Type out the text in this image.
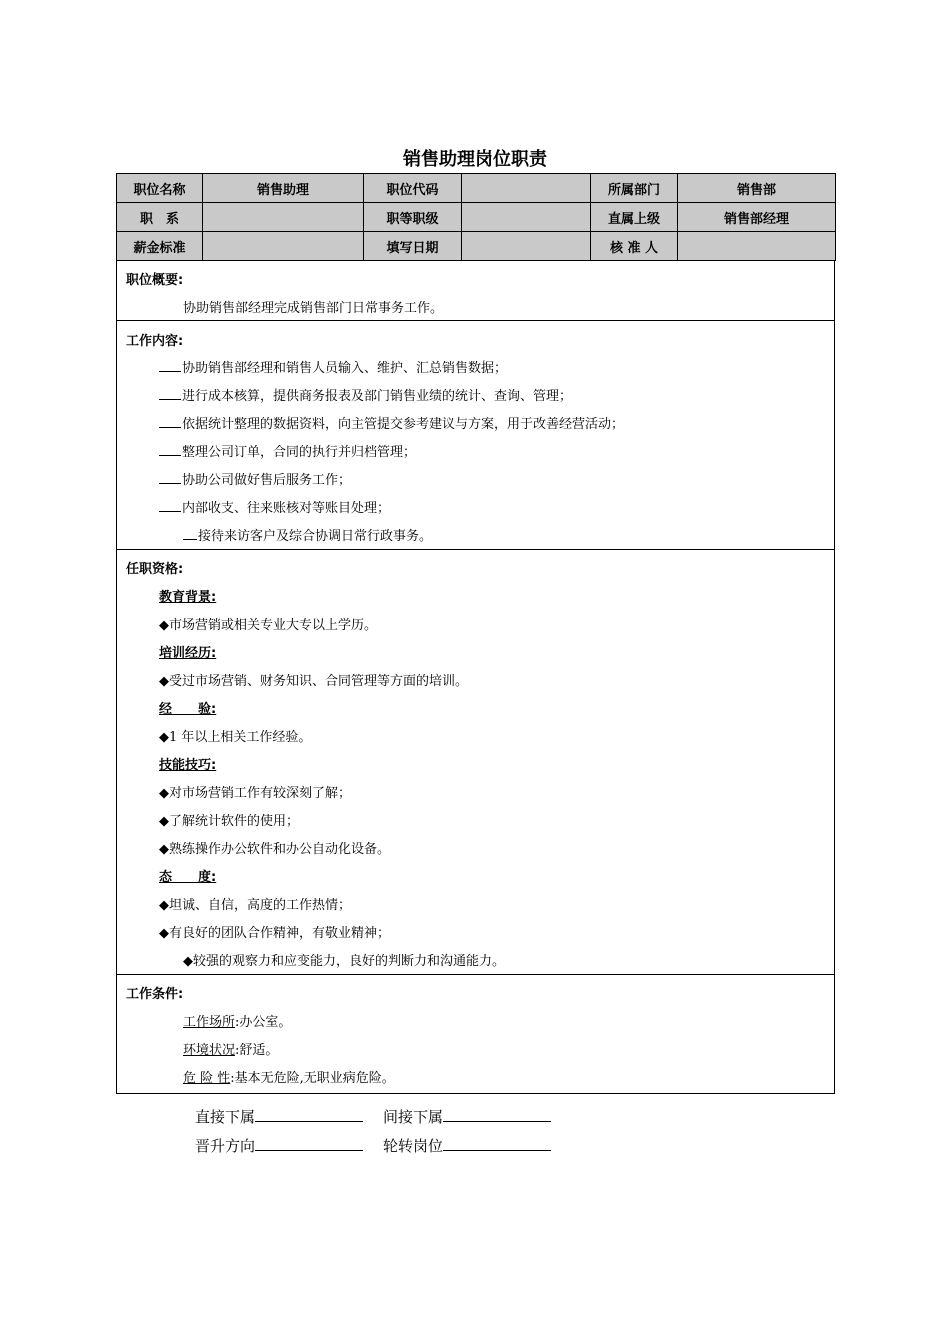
销售助理岗位职责
职位名称	销售助理	职位代码		所属部门	销售部
职　系		职等职级		直属上级	销售部经理
薪金标准		填写日期		核 准 人	
职位概要:
协助销售部经理完成销售部门日常事务工作。
工作内容:
协助销售部经理和销售人员输入、维护、汇总销售数据；
进行成本核算，提供商务报表及部门销售业绩的统计、查询、管理；
依据统计整理的数据资料，向主管提交参考建议与方案，用于改善经营活动；
整理公司订单，合同的执行并归档管理；
协助公司做好售后服务工作；
内部收支、往来账核对等账目处理；
接待来访客户及综合协调日常行政事务。
任职资格:
教育背景:
◆市场营销或相关专业大专以上学历。
培训经历:
◆受过市场营销、财务知识、合同管理等方面的培训。
经　　验:
◆1 年以上相关工作经验。
技能技巧:
◆对市场营销工作有较深刻了解；
◆了解统计软件的使用；
◆熟练操作办公软件和办公自动化设备。
态　　度:
◆坦诚、自信，高度的工作热情；
◆有良好的团队合作精神，有敬业精神；
◆较强的观察力和应变能力，良好的判断力和沟通能力。
工作条件:
工作场所:办公室。
环境状况:舒适。
危 险 性:基本无危险,无职业病危险。
直接下属	间接下属
晋升方向	轮转岗位
